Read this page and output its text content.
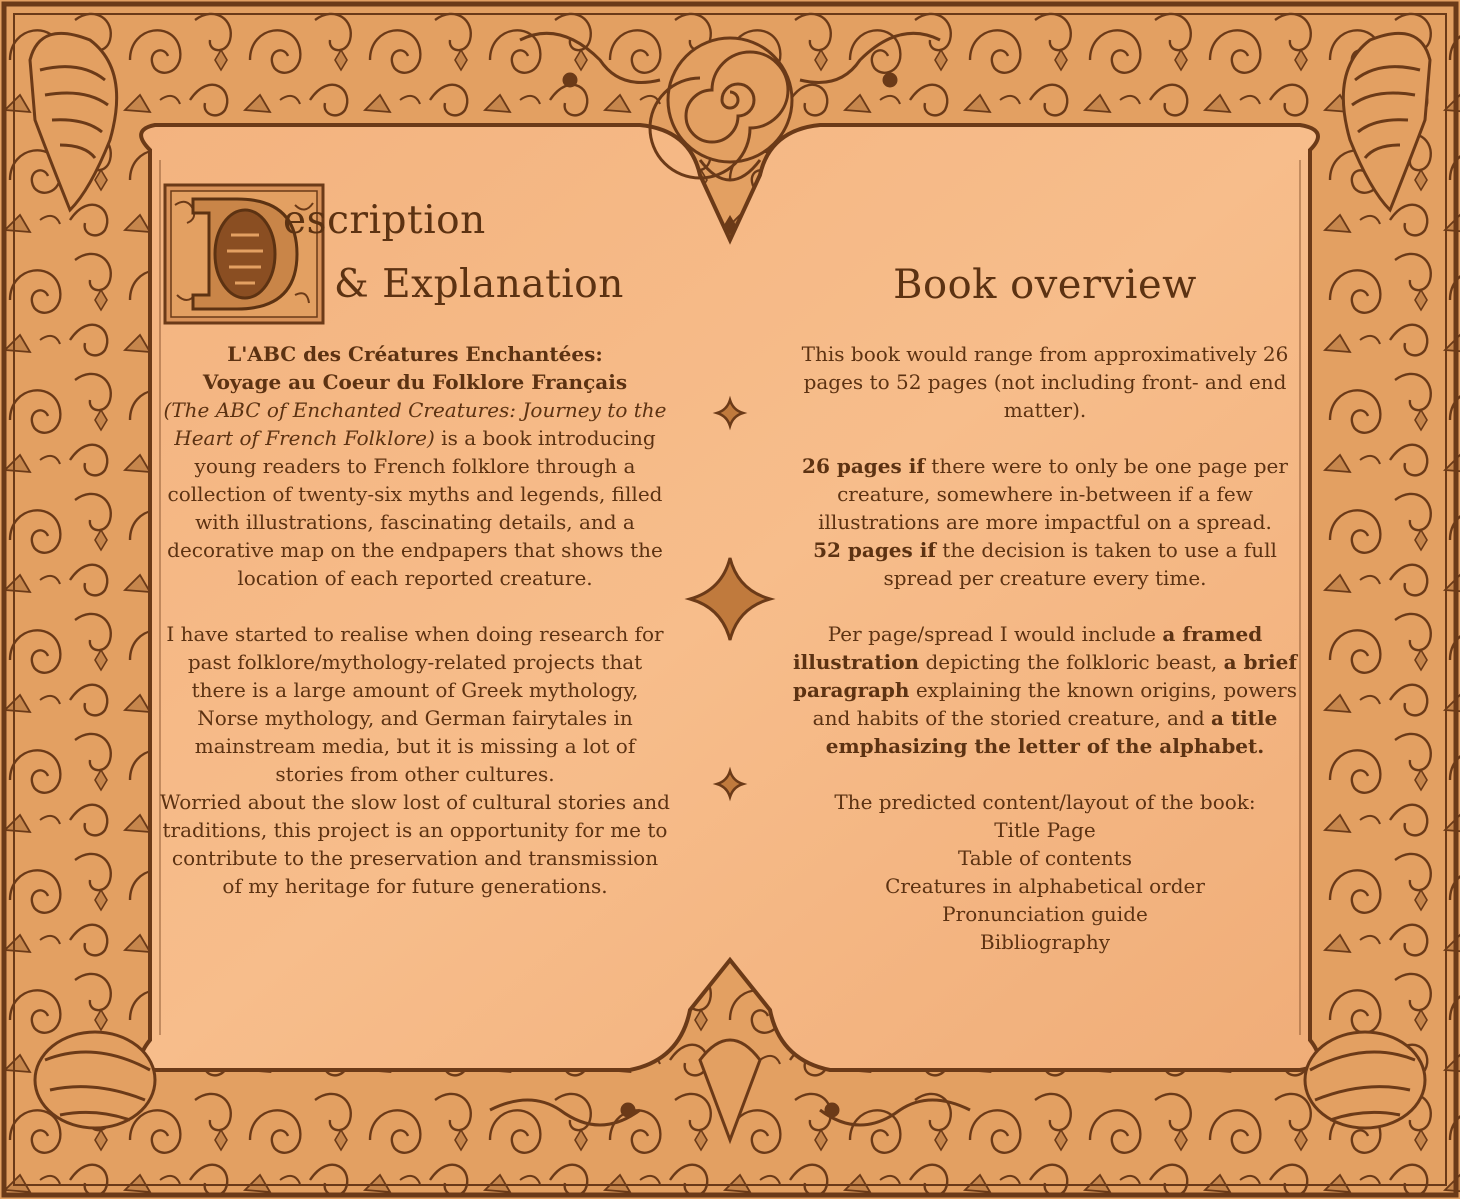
escription
& Explanation

L'ABC des Créatures Enchantées:
Voyage au Coeur du Folklore Français
(The ABC of Enchanted Creatures: Journey to the Heart of French Folklore) is a book introducing young readers to French folklore through a collection of twenty-six myths and legends, filled with illustrations, fascinating details, and a decorative map on the endpapers that shows the location of each reported creature.

I have started to realise when doing research for past folklore/mythology-related projects that there is a large amount of Greek mythology, Norse mythology, and German fairytales in mainstream media, but it is missing a lot of stories from other cultures.

Worried about the slow lost of cultural stories and traditions, this project is an opportunity for me to contribute to the preservation and transmission of my heritage for future generations.

Book overview

This book would range from approximatively 26 pages to 52 pages (not including front- and end matter).

26 pages if there were to only be one page per creature, somewhere in-between if a few illustrations are more impactful on a spread.

52 pages if the decision is taken to use a full spread per creature every time.

Per page/spread I would include a framed illustration depicting the folkloric beast, a brief paragraph explaining the known origins, powers and habits of the storied creature, and a title emphasizing the letter of the alphabet.

The predicted content/layout of the book:

Title Page
Table of contents
Creatures in alphabetical order
Pronunciation guide
Bibliography
